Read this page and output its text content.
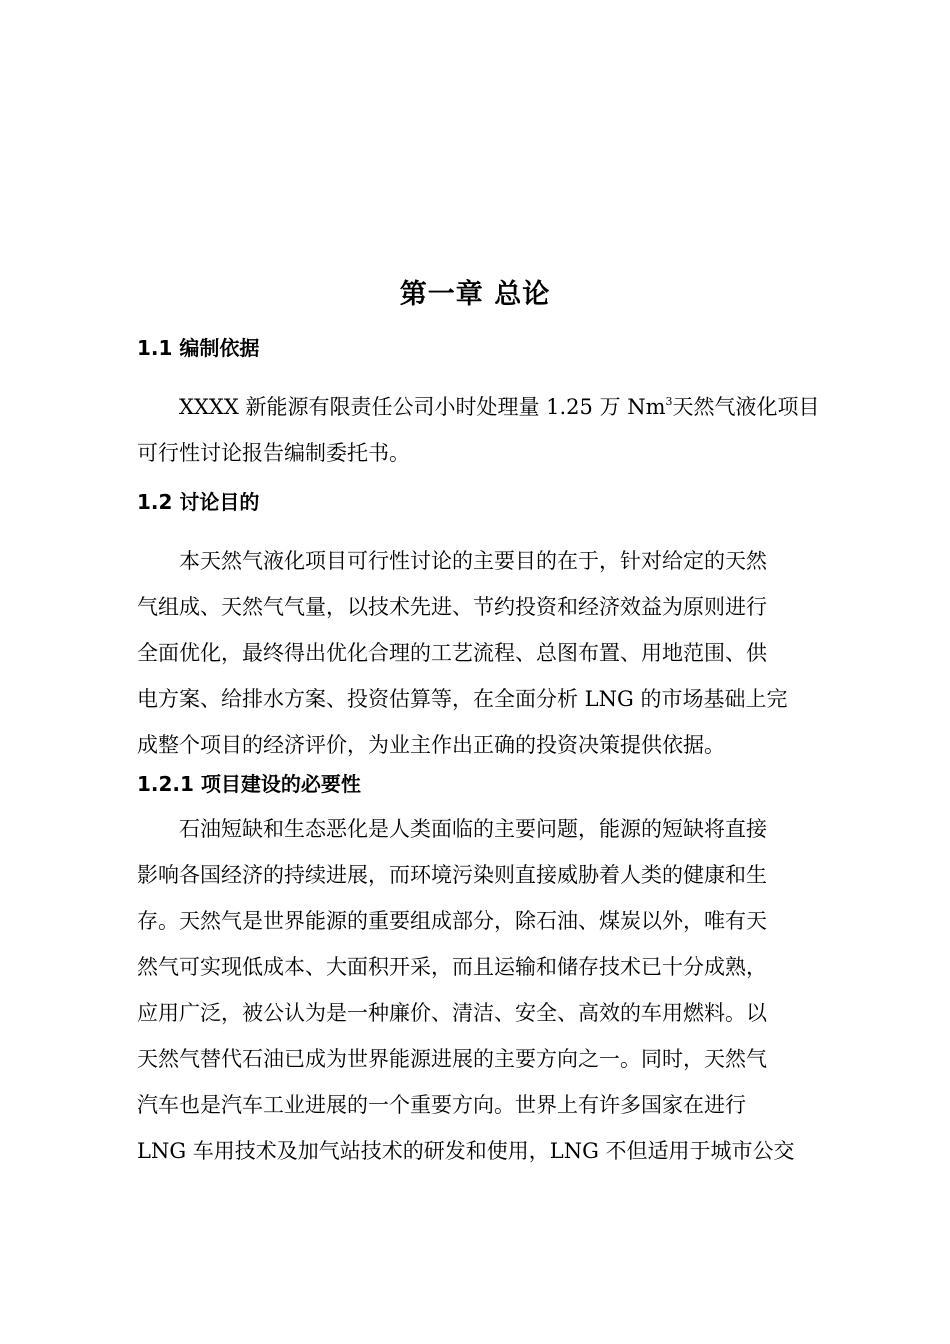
第一章 总论
1.1 编制依据
XXXX 新能源有限责任公司小时处理量 1.25 万 Nm$^3$天然气液化项目
可行性讨论报告编制委托书。
1.2 讨论目的
本天然气液化项目可行性讨论的主要目的在于，针对给定的天然
气组成、天然气气量，以技术先进、节约投资和经济效益为原则进行
全面优化，最终得出优化合理的工艺流程、总图布置、用地范围、供
电方案、给排水方案、投资估算等，在全面分析 LNG 的市场基础上完
成整个项目的经济评价，为业主作出正确的投资决策提供依据。
1.2.1 项目建设的必要性
石油短缺和生态恶化是人类面临的主要问题，能源的短缺将直接
影响各国经济的持续进展，而环境污染则直接威胁着人类的健康和生
存。天然气是世界能源的重要组成部分，除石油、煤炭以外，唯有天
然气可实现低成本、大面积开采，而且运输和储存技术已十分成熟，
应用广泛，被公认为是一种廉价、清洁、安全、高效的车用燃料。以
天然气替代石油已成为世界能源进展的主要方向之一。同时，天然气
汽车也是汽车工业进展的一个重要方向。世界上有许多国家在进行
LNG 车用技术及加气站技术的研发和使用，LNG 不但适用于城市公交
